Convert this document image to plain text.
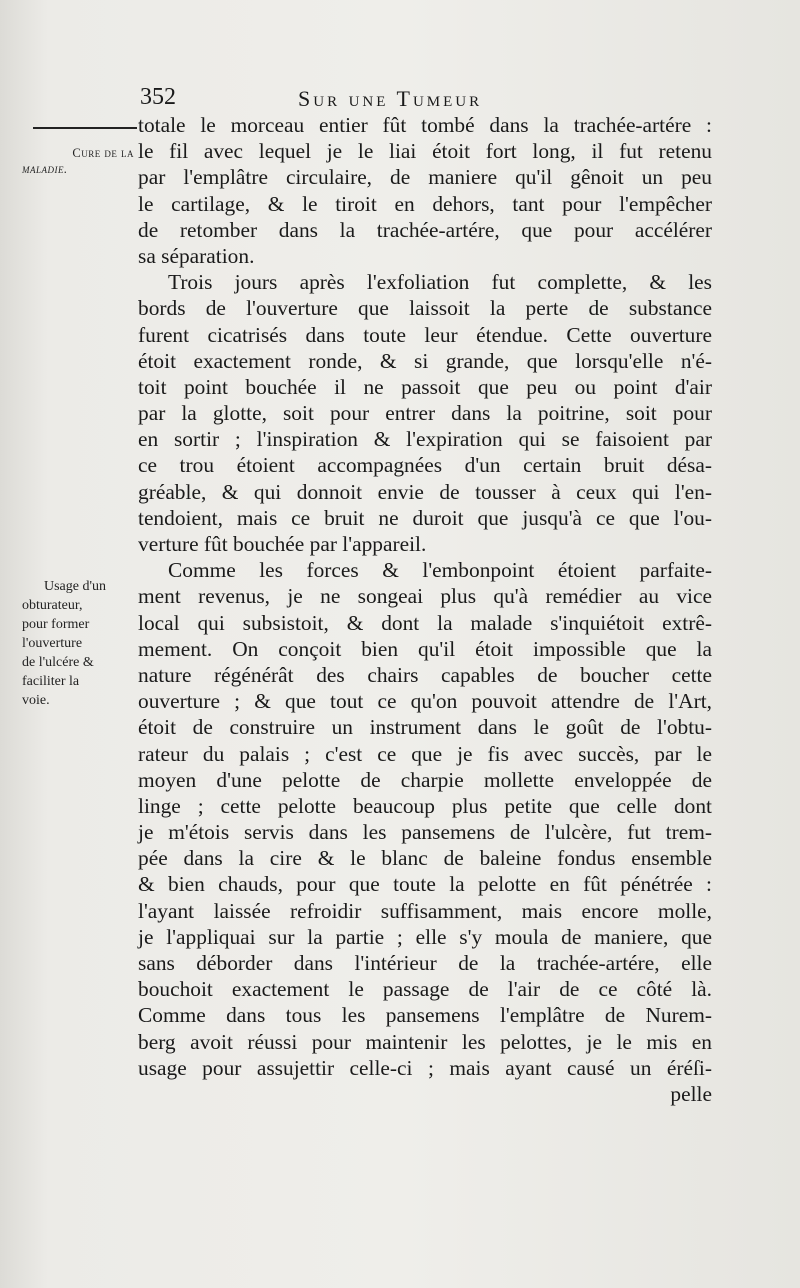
352	Sur une Tumeur
Cure de la
maladie.
Usage d'un
obturateur,
pour former
l'ouverture
de l'ulcére &
faciliter la
voie.
totale le morceau entier fût tombé dans la trachée-artére :
le fil avec lequel je le liai étoit fort long, il fut retenu
par l'emplâtre circulaire, de maniere qu'il gênoit un peu
le cartilage, & le tiroit en dehors, tant pour l'empêcher
de retomber dans la trachée-artére, que pour accélérer
sa séparation.
Trois jours après l'exfoliation fut complette, & les
bords de l'ouverture que laissoit la perte de substance
furent cicatrisés dans toute leur étendue. Cette ouverture
étoit exactement ronde, & si grande, que lorsqu'elle n'é-
toit point bouchée il ne passoit que peu ou point d'air
par la glotte, soit pour entrer dans la poitrine, soit pour
en sortir ; l'inspiration & l'expiration qui se faisoient par
ce trou étoient accompagnées d'un certain bruit désa-
gréable, & qui donnoit envie de tousser à ceux qui l'en-
tendoient, mais ce bruit ne duroit que jusqu'à ce que l'ou-
verture fût bouchée par l'appareil.
Comme les forces & l'embonpoint étoient parfaite-
ment revenus, je ne songeai plus qu'à remédier au vice
local qui subsistoit, & dont la malade s'inquiétoit extrê-
mement. On conçoit bien qu'il étoit impossible que la
nature régénérât des chairs capables de boucher cette
ouverture ; & que tout ce qu'on pouvoit attendre de l'Art,
étoit de construire un instrument dans le goût de l'obtu-
rateur du palais ; c'est ce que je fis avec succès, par le
moyen d'une pelotte de charpie mollette enveloppée de
linge ; cette pelotte beaucoup plus petite que celle dont
je m'étois servis dans les pansemens de l'ulcère, fut trem-
pée dans la cire & le blanc de baleine fondus ensemble
& bien chauds, pour que toute la pelotte en fût pénétrée :
l'ayant laissée refroidir suffisamment, mais encore molle,
je l'appliquai sur la partie ; elle s'y moula de maniere, que
sans déborder dans l'intérieur de la trachée-artére, elle
bouchoit exactement le passage de l'air de ce côté là.
Comme dans tous les pansemens l'emplâtre de Nurem-
berg avoit réussi pour maintenir les pelottes, je le mis en
usage pour assujettir celle-ci ; mais ayant causé un éréſi-
pelle
